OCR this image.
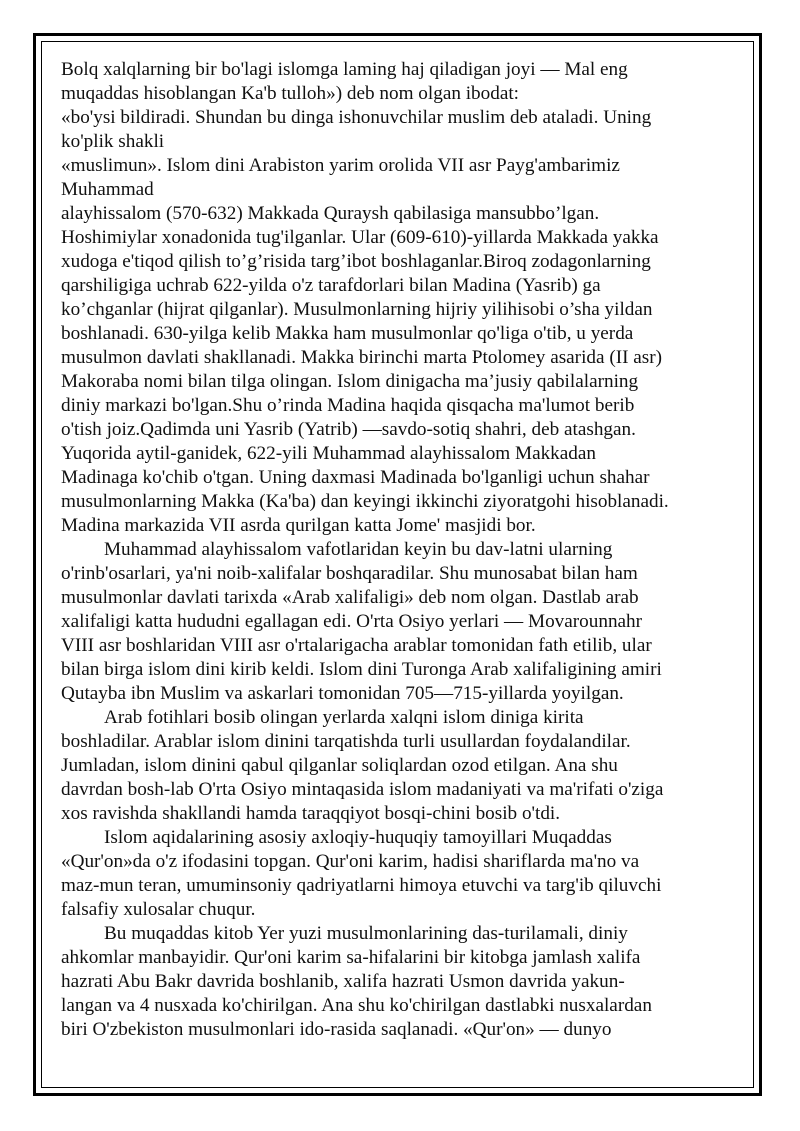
Bolq xalqlarning bir bo'lagi islomga laming haj qiladigan joyi — Mal eng
muqaddas hisoblangan Ka'b tulloh») deb nom olgan ibodat:
«bo'ysi bildiradi. Shundan bu dinga ishonuvchilar muslim deb ataladi. Uning
ko'plik shakli
«muslimun». Islom dini Arabiston yarim orolida VII asr Payg'ambarimiz
Muhammad
alayhissalom (570-632) Makkada Quraysh qabilasiga mansubbo’lgan.
Hoshimiylar xonadonida tug'ilganlar. Ular (609-610)-yillarda Makkada yakka
xudoga e'tiqod qilish to’g’risida targ’ibot boshlaganlar.Biroq zodagonlarning
qarshiligiga uchrab 622-yilda o'z tarafdorlari bilan Madina (Yasrib) ga
ko’chganlar (hijrat qilganlar). Musulmonlarning hijriy yilihisobi o’sha yildan
boshlanadi. 630-yilga kelib Makka ham musulmonlar qo'liga o'tib, u yerda
musulmon davlati shakllanadi. Makka birinchi marta Ptolomey asarida (II asr)
Makoraba nomi bilan tilga olingan. Islom dinigacha ma’jusiy qabilalarning
diniy markazi bo'lgan.Shu o’rinda Madina haqida qisqacha ma'lumot berib
o'tish joiz.Qadimda uni Yasrib (Yatrib) —savdo-sotiq shahri, deb atashgan.
Yuqorida aytil-ganidek, 622-yili Muhammad alayhissalom Makkadan
Madinaga ko'chib o'tgan. Uning daxmasi Madinada bo'lganligi uchun shahar
musulmonlarning Makka (Ka'ba) dan keyingi ikkinchi ziyoratgohi hisoblanadi.
Madina markazida VII asrda qurilgan katta Jome' masjidi bor.
Muhammad alayhissalom vafotlaridan keyin bu dav-latni ularning
o'rinb'osarlari, ya'ni noib-xalifalar boshqaradilar. Shu munosabat bilan ham
musulmonlar davlati tarixda «Arab xalifaligi» deb nom olgan. Dastlab arab
xalifaligi katta hududni egallagan edi. O'rta Osiyo yerlari — Movarounnahr
VIII asr boshlaridan VIII asr o'rtalarigacha arablar tomonidan fath etilib, ular
bilan birga islom dini kirib keldi. Islom dini Turonga Arab xalifaligining amiri
Qutayba ibn Muslim va askarlari tomonidan 705—715-yillarda yoyilgan.
Arab fotihlari bosib olingan yerlarda xalqni islom diniga kirita
boshladilar. Arablar islom dinini tarqatishda turli usullardan foydalandilar.
Jumladan, islom dinini qabul qilganlar soliqlardan ozod etilgan. Ana shu
davrdan bosh-lab O'rta Osiyo mintaqasida islom madaniyati va ma'rifati o'ziga
xos ravishda shakllandi hamda taraqqiyot bosqi-chini bosib o'tdi.
Islom aqidalarining asosiy axloqiy-huquqiy tamoyillari Muqaddas
«Qur'on»da o'z ifodasini topgan. Qur'oni karim, hadisi shariflarda ma'no va
maz-mun teran, umuminsoniy qadriyatlarni himoya etuvchi va targ'ib qiluvchi
falsafiy xulosalar chuqur.
Bu muqaddas kitob Yer yuzi musulmonlarining das-turilamali, diniy
ahkomlar manbayidir. Qur'oni karim sa-hifalarini bir kitobga jamlash xalifa
hazrati Abu Bakr davrida boshlanib, xalifa hazrati Usmon davrida yakun-
langan va 4 nusxada ko'chirilgan. Ana shu ko'chirilgan dastlabki nusxalardan
biri O'zbekiston musulmonlari ido-rasida saqlanadi. «Qur'on» — dunyo
